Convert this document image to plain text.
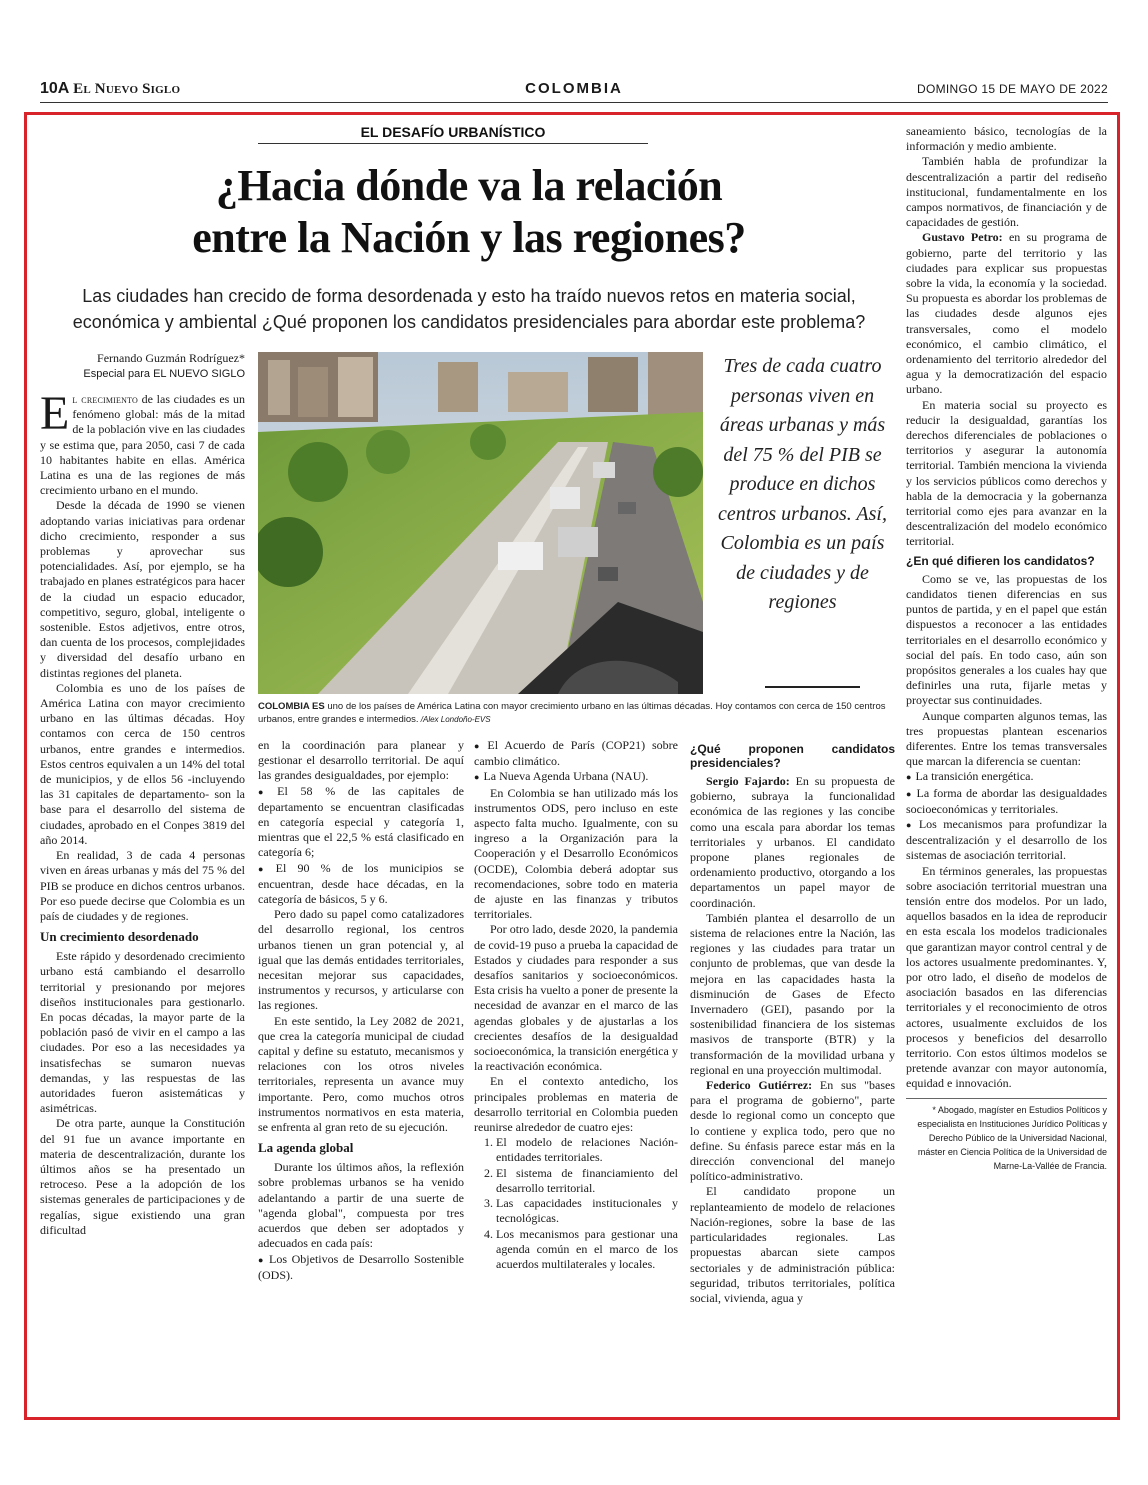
10A El Nuevo Siglo	COLOMBIA	DOMINGO 15 DE MAYO DE 2022
EL DESAFÍO URBANÍSTICO
¿Hacia dónde va la relación
entre la Nación y las regiones?
Las ciudades han crecido de forma desordenada y esto ha traído nuevos retos en materia social,
económica y ambiental ¿Qué proponen los candidatos presidenciales para abordar este problema?
Fernando Guzmán Rodríguez*
Especial para EL NUEVO SIGLO	Tres de cada cuatro personas viven en áreas urbanas y más del 75 % del PIB se produce en dichos centros urbanos. Así, Colombia es un país de ciudades y de regiones
COLOMBIA ES uno de los países de América Latina con mayor crecimiento urbano en las últimas décadas. Hoy contamos con cerca de 150 centros urbanos, entre grandes e intermedios. /Alex Londoño-EVS

El crecimiento de las ciudades es un fenómeno global: más de la mitad de la población vive en las ciudades y se estima que, para 2050, casi 7 de cada 10 habitantes habite en ellas. América Latina es una de las regiones de más crecimiento urbano en el mundo.

Desde la década de 1990 se vienen adoptando varias iniciativas para ordenar dicho crecimiento, responder a sus problemas y aprovechar sus potencialidades. Así, por ejemplo, se ha trabajado en planes estratégicos para hacer de la ciudad un espacio educador, competitivo, seguro, global, inteligente o sostenible. Estos adjetivos, entre otros, dan cuenta de los procesos, complejidades y diversidad del desafío urbano en distintas regiones del planeta.

Colombia es uno de los países de América Latina con mayor crecimiento urbano en las últimas décadas. Hoy contamos con cerca de 150 centros urbanos, entre grandes e intermedios. Estos centros equivalen a un 14% del total de municipios, y de ellos 56 -incluyendo las 31 capitales de departamento- son la base para el desarrollo del sistema de ciudades, aprobado en el Conpes 3819 del año 2014.

En realidad, 3 de cada 4 personas viven en áreas urbanas y más del 75 % del PIB se produce en dichos centros urbanos. Por eso puede decirse que Colombia es un país de ciudades y de regiones.

Un crecimiento desordenado

Este rápido y desordenado crecimiento urbano está cambiando el desarrollo territorial y presionando por mejores diseños institucionales para gestionarlo. En pocas décadas, la mayor parte de la población pasó de vivir en el campo a las ciudades. Por eso a las necesidades ya insatisfechas se sumaron nuevas demandas, y las respuestas de las autoridades fueron asistemáticas y asimétricas.

De otra parte, aunque la Constitución del 91 fue un avance importante en materia de descentralización, durante los últimos años se ha presentado un retroceso. Pese a la adopción de los sistemas generales de participaciones y de regalías, sigue existiendo una gran dificultad

en la coordinación para planear y gestionar el desarrollo territorial. De aquí las grandes desigualdades, por ejemplo:

● El 58 % de las capitales de departamento se encuentran clasificadas en categoría especial y categoría 1, mientras que el 22,5 % está clasificado en categoría 6;

● El 90 % de los municipios se encuentran, desde hace décadas, en la categoría de básicos, 5 y 6.

Pero dado su papel como catalizadores del desarrollo regional, los centros urbanos tienen un gran potencial y, al igual que las demás entidades territoriales, necesitan mejorar sus capacidades, instrumentos y recursos, y articularse con las regiones.

En este sentido, la Ley 2082 de 2021, que crea la categoría municipal de ciudad capital y define su estatuto, mecanismos y relaciones con los otros niveles territoriales, representa un avance muy importante. Pero, como muchos otros instrumentos normativos en esta materia, se enfrenta al gran reto de su ejecución.

La agenda global

Durante los últimos años, la reflexión sobre problemas urbanos se ha venido adelantando a partir de una suerte de "agenda global", compuesta por tres acuerdos que deben ser adoptados y adecuados en cada país:

● Los Objetivos de Desarrollo Sostenible (ODS).

● El Acuerdo de París (COP21) sobre cambio climático.

● La Nueva Agenda Urbana (NAU).

En Colombia se han utilizado más los instrumentos ODS, pero incluso en este aspecto falta mucho. Igualmente, con su ingreso a la Organización para la Cooperación y el Desarrollo Económicos (OCDE), Colombia deberá adoptar sus recomendaciones, sobre todo en materia de ajuste en las finanzas y tributos territoriales.

Por otro lado, desde 2020, la pandemia de covid-19 puso a prueba la capacidad de Estados y ciudades para responder a sus desafíos sanitarios y socioeconómicos. Esta crisis ha vuelto a poner de presente la necesidad de avanzar en el marco de las agendas globales y de ajustarlas a los crecientes desafíos de la desigualdad socioeconómica, la transición energética y la reactivación económica.

En el contexto antedicho, los principales problemas en materia de desarrollo territorial en Colombia pueden reunirse alrededor de cuatro ejes:

1. El modelo de relaciones Nación-entidades territoriales.
2. El sistema de financiamiento del desarrollo territorial.
3. Las capacidades institucionales y tecnológicas.
4. Los mecanismos para gestionar una agenda común en el marco de los acuerdos multilaterales y locales.
¿Qué proponen candidatos presidenciales?

Sergio Fajardo: En su propuesta de gobierno, subraya la funcionalidad económica de las regiones y las concibe como una escala para abordar los temas territoriales y urbanos. El candidato propone planes regionales de ordenamiento productivo, otorgando a los departamentos un papel mayor de coordinación.

También plantea el desarrollo de un sistema de relaciones entre la Nación, las regiones y las ciudades para tratar un conjunto de problemas, que van desde la mejora en las capacidades hasta la disminución de Gases de Efecto Invernadero (GEI), pasando por la sostenibilidad financiera de los sistemas masivos de transporte (BTR) y la transformación de la movilidad urbana y regional en una proyección multimodal.

Federico Gutiérrez: En sus "bases para el programa de gobierno", parte desde lo regional como un concepto que lo contiene y explica todo, pero que no define. Su énfasis parece estar más en la dirección convencional del manejo político-administrativo.

El candidato propone un replanteamiento de modelo de relaciones Nación-regiones, sobre la base de las particularidades regionales. Las propuestas abarcan siete campos sectoriales y de administración pública: seguridad, tributos territoriales, política social, vivienda, agua y

saneamiento básico, tecnologías de la información y medio ambiente.

También habla de profundizar la descentralización a partir del rediseño institucional, fundamentalmente en los campos normativos, de financiación y de capacidades de gestión.

Gustavo Petro: en su programa de gobierno, parte del territorio y las ciudades para explicar sus propuestas sobre la vida, la economía y la sociedad. Su propuesta es abordar los problemas de las ciudades desde algunos ejes transversales, como el modelo económico, el cambio climático, el ordenamiento del territorio alrededor del agua y la democratización del espacio urbano.

En materia social su proyecto es reducir la desigualdad, garantías los derechos diferenciales de poblaciones o territorios y asegurar la autonomía territorial. También menciona la vivienda y los servicios públicos como derechos y habla de la democracia y la gobernanza territorial como ejes para avanzar en la descentralización del modelo económico territorial.

¿En qué difieren los candidatos?

Como se ve, las propuestas de los candidatos tienen diferencias en sus puntos de partida, y en el papel que están dispuestos a reconocer a las entidades territoriales en el desarrollo económico y social del país. En todo caso, aún son propósitos generales a los cuales hay que definirles una ruta, fijarle metas y proyectar sus continuidades.

Aunque comparten algunos temas, las tres propuestas plantean escenarios diferentes. Entre los temas transversales que marcan la diferencia se cuentan:

● La transición energética.

● La forma de abordar las desigualdades socioeconómicas y territoriales.

● Los mecanismos para profundizar la descentralización y el desarrollo de los sistemas de asociación territorial.

En términos generales, las propuestas sobre asociación territorial muestran una tensión entre dos modelos. Por un lado, aquellos basados en la idea de reproducir en esta escala los modelos tradicionales que garantizan mayor control central y de los actores usualmente predominantes. Y, por otro lado, el diseño de modelos de asociación basados en las diferencias territoriales y el reconocimiento de otros actores, usualmente excluidos de los procesos y beneficios del desarrollo territorio. Con estos últimos modelos se pretende avanzar con mayor autonomía, equidad e innovación.

* Abogado, magíster en Estudios Políticos y especialista en Instituciones Jurídico Políticas y Derecho Público de la Universidad Nacional, máster en Ciencia Política de la Universidad de Marne-La-Vallée de Francia.
